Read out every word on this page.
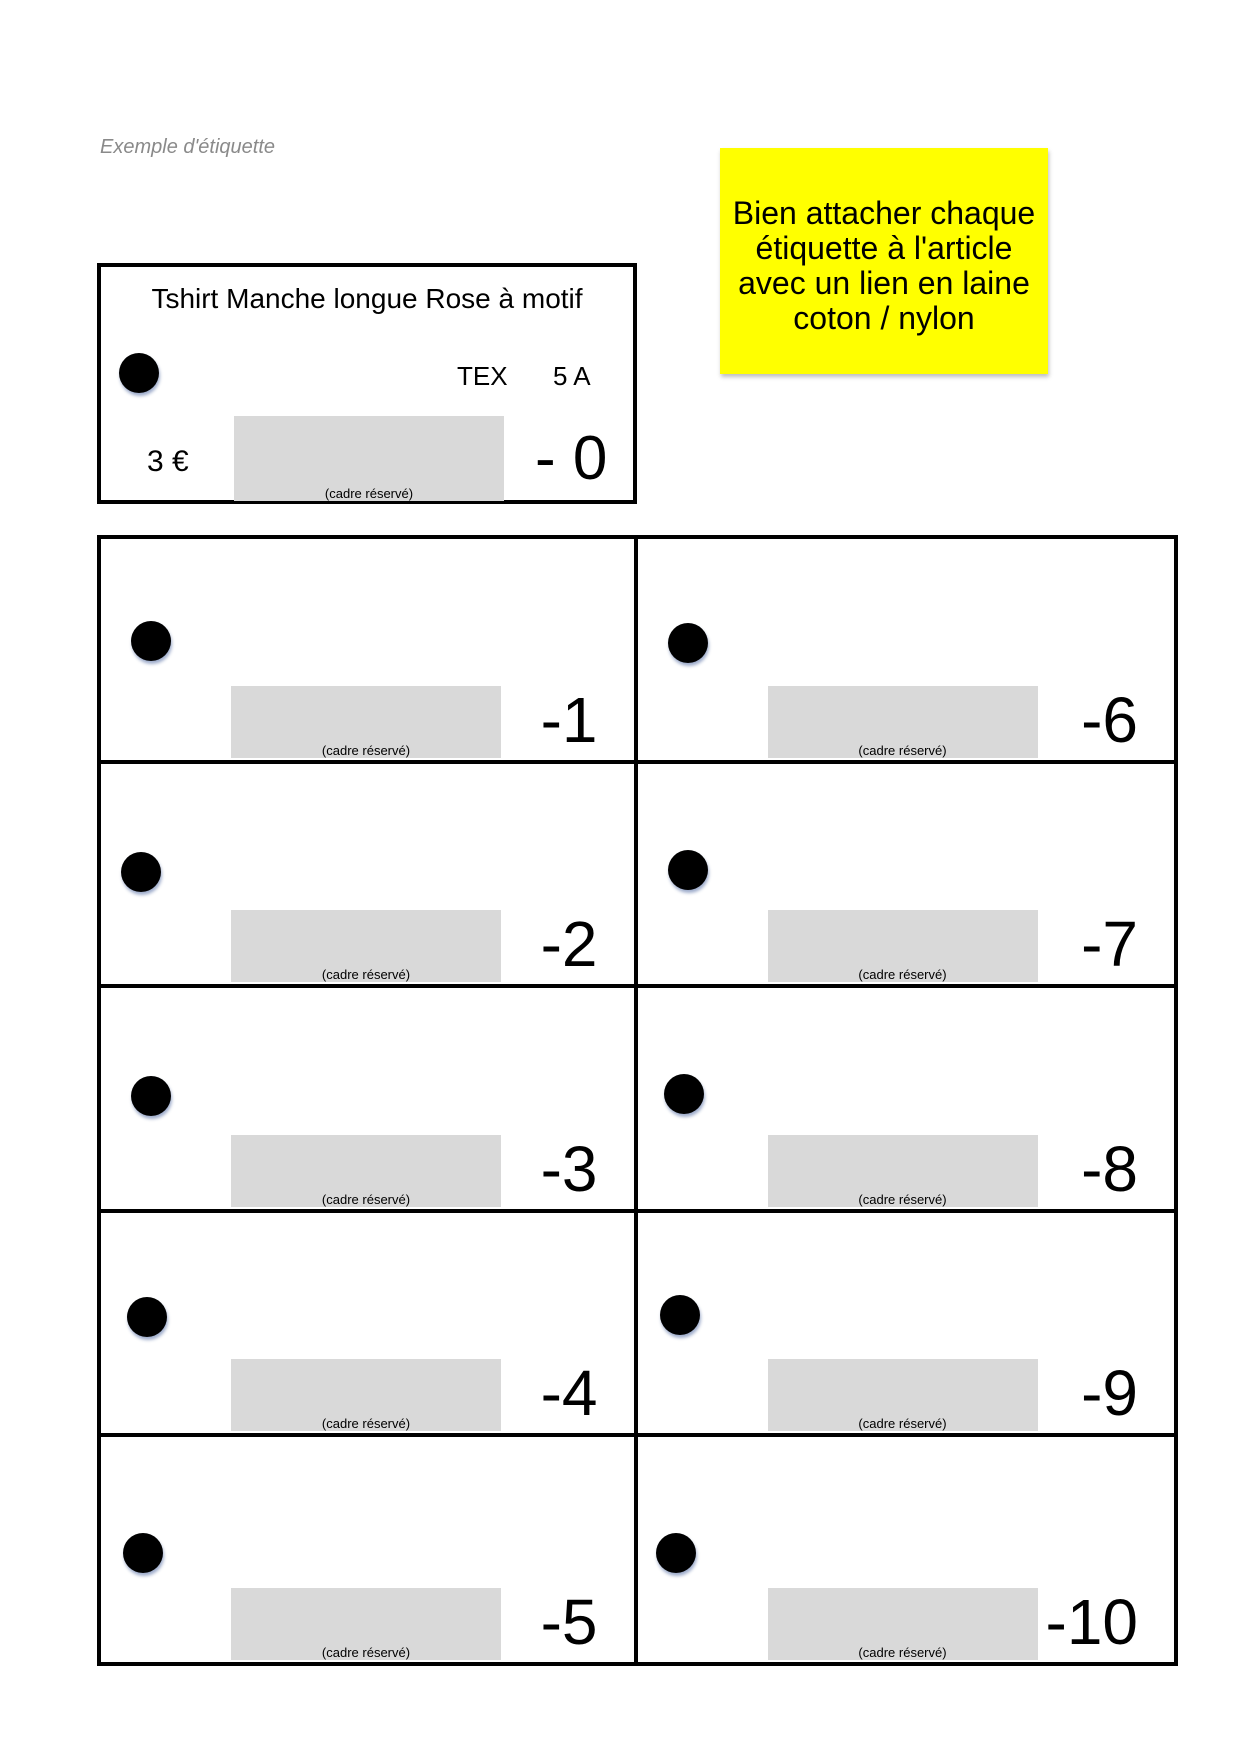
Exemple d'étiquette
Bien attacher chaque
étiquette à l'article
avec un lien en laine
coton / nylon
Tshirt Manche longue Rose à motif
TEX 5 A
3 €
(cadre réservé)
- 0
(cadre réservé)	-1	(cadre réservé)	-6
(cadre réservé)	-2	(cadre réservé)	-7
(cadre réservé)	-3	(cadre réservé)	-8
(cadre réservé)	-4	(cadre réservé)	-9
(cadre réservé)	-5	(cadre réservé)	-10
